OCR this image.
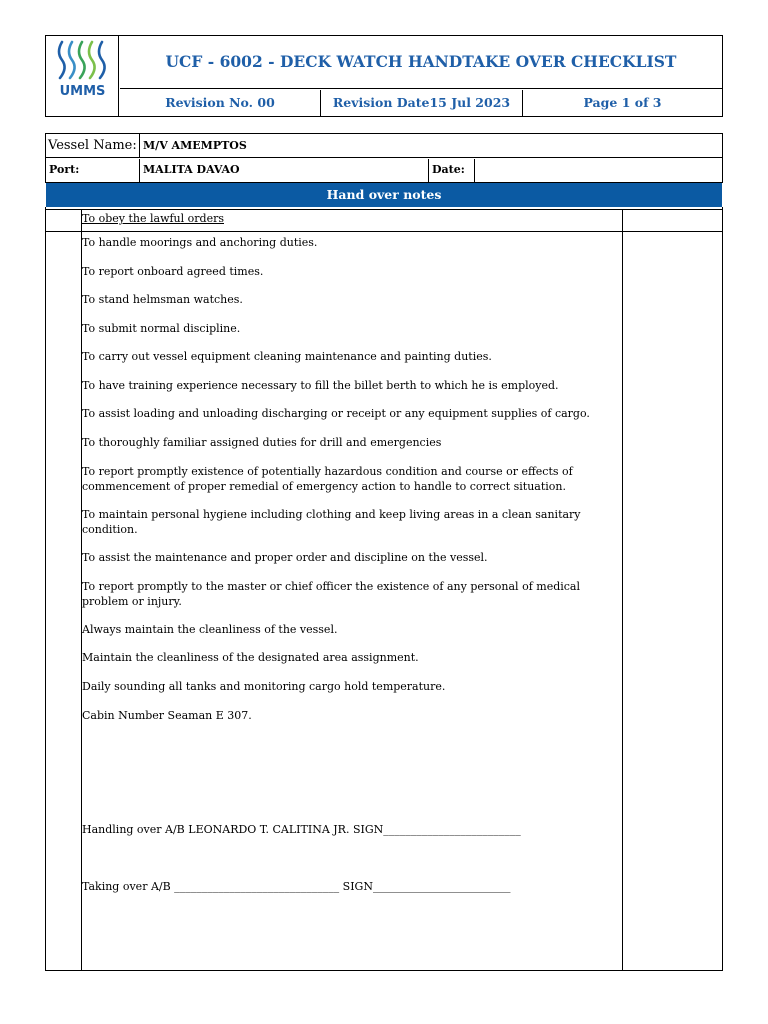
UMMS
UCF - 6002 - DECK WATCH HANDTAKE OVER CHECKLIST
Revision No. 00	Revision Date15 Jul 2023	Page 1 of 3
Vessel Name: M/V AMEMPTOS
Port:	MALITA DAVAO	Date:
Hand over notes
To obey the lawful orders
To handle moorings and anchoring duties.
To report onboard agreed times.
To stand helmsman watches.
To submit normal discipline.
To carry out vessel equipment cleaning maintenance and painting duties.
To have training experience necessary to fill the billet berth to which he is employed.
To assist loading and unloading discharging or receipt or any equipment supplies of cargo.
To thoroughly familiar assigned duties for drill and emergencies
To report promptly existence of potentially hazardous condition and course or effects of commencement of proper remedial of emergency action to handle to correct situation.
To maintain personal hygiene including clothing and keep living areas in a clean sanitary condition.
To assist the maintenance and proper order and discipline on the vessel.
To report promptly to the master or chief officer the existence of any personal of medical problem or injury.
Always maintain the cleanliness of the vessel.
Maintain the cleanliness of the designated area assignment.
Daily sounding all tanks and monitoring cargo hold temperature.
Cabin Number Seaman E 307.
Handling over A/B LEONARDO T. CALITINA JR. SIGN_________________________
Taking over A/B ______________________________ SIGN_________________________
